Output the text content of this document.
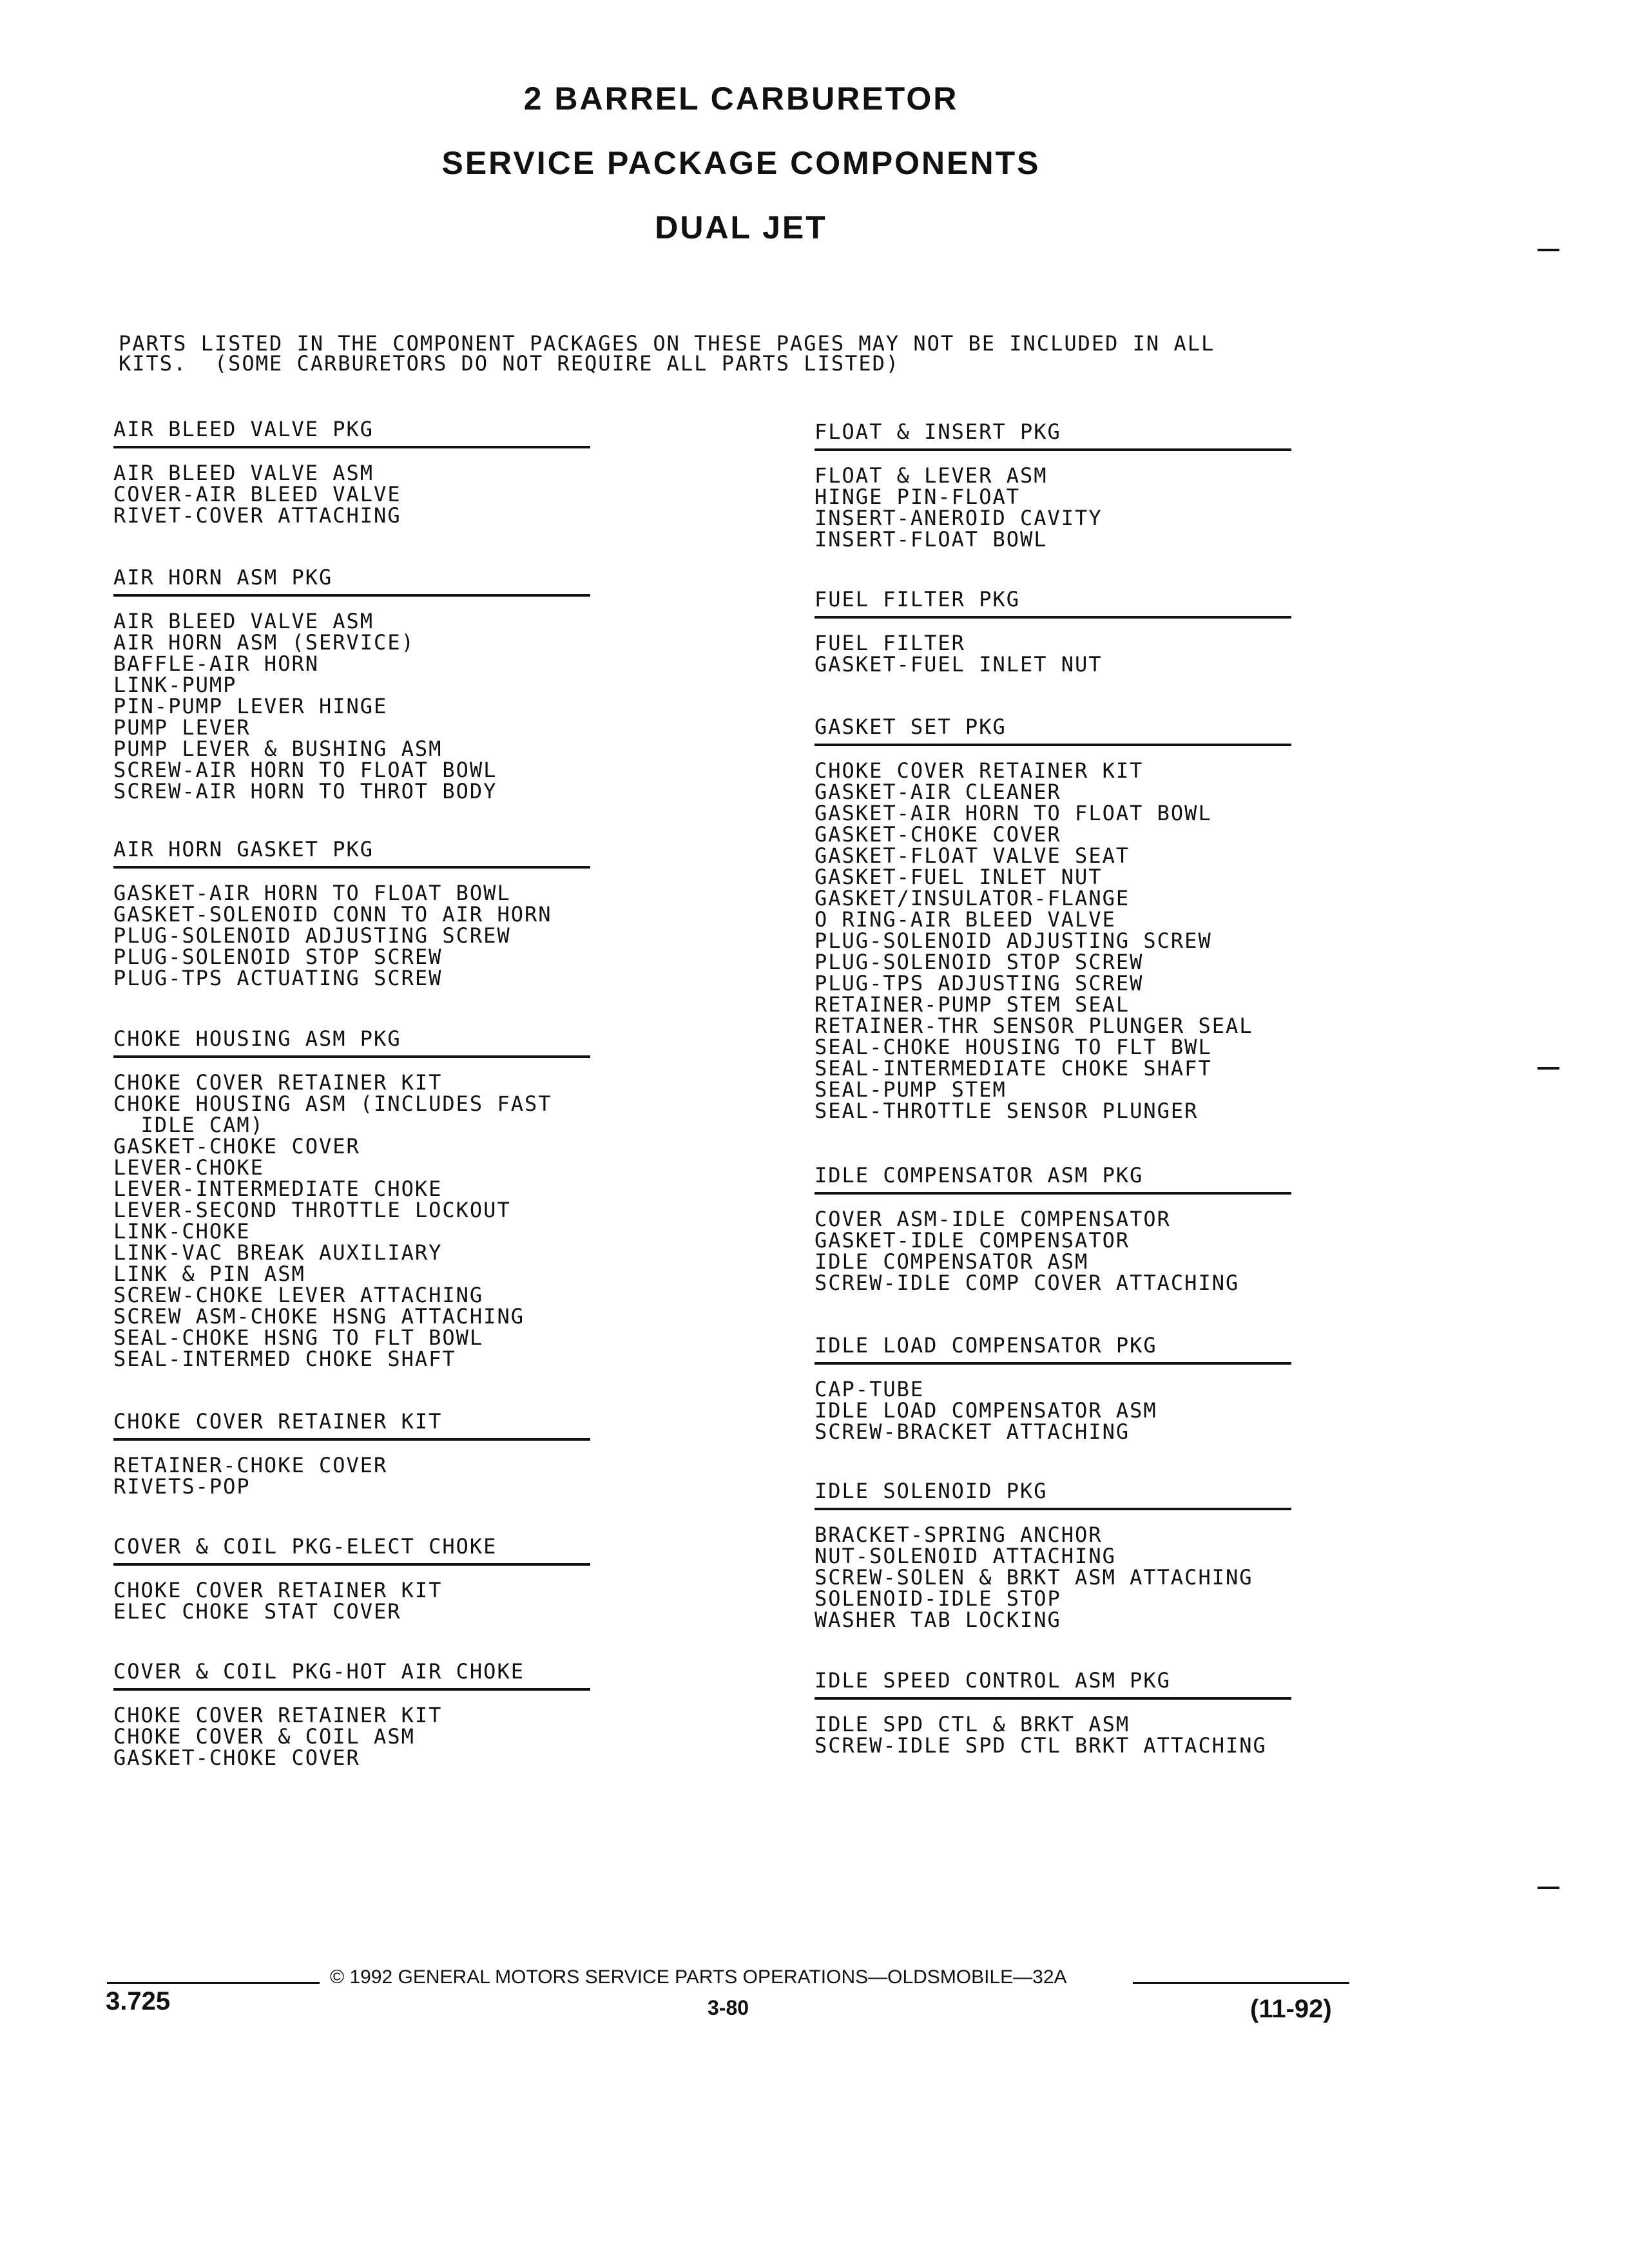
2 BARREL CARBURETOR
SERVICE PACKAGE COMPONENTS
DUAL JET
PARTS LISTED IN THE COMPONENT PACKAGES ON THESE PAGES MAY NOT BE INCLUDED IN ALL
KITS.  (SOME CARBURETORS DO NOT REQUIRE ALL PARTS LISTED)
AIR BLEED VALVE PKG
AIR BLEED VALVE ASM
COVER-AIR BLEED VALVE
RIVET-COVER ATTACHING
AIR HORN ASM PKG
AIR BLEED VALVE ASM
AIR HORN ASM (SERVICE)
BAFFLE-AIR HORN
LINK-PUMP
PIN-PUMP LEVER HINGE
PUMP LEVER
PUMP LEVER & BUSHING ASM
SCREW-AIR HORN TO FLOAT BOWL
SCREW-AIR HORN TO THROT BODY
AIR HORN GASKET PKG
GASKET-AIR HORN TO FLOAT BOWL
GASKET-SOLENOID CONN TO AIR HORN
PLUG-SOLENOID ADJUSTING SCREW
PLUG-SOLENOID STOP SCREW
PLUG-TPS ACTUATING SCREW
CHOKE HOUSING ASM PKG
CHOKE COVER RETAINER KIT
CHOKE HOUSING ASM (INCLUDES FAST
IDLE CAM)
GASKET-CHOKE COVER
LEVER-CHOKE
LEVER-INTERMEDIATE CHOKE
LEVER-SECOND THROTTLE LOCKOUT
LINK-CHOKE
LINK-VAC BREAK AUXILIARY
LINK & PIN ASM
SCREW-CHOKE LEVER ATTACHING
SCREW ASM-CHOKE HSNG ATTACHING
SEAL-CHOKE HSNG TO FLT BOWL
SEAL-INTERMED CHOKE SHAFT
CHOKE COVER RETAINER KIT
RETAINER-CHOKE COVER
RIVETS-POP
COVER & COIL PKG-ELECT CHOKE
CHOKE COVER RETAINER KIT
ELEC CHOKE STAT COVER
COVER & COIL PKG-HOT AIR CHOKE
CHOKE COVER RETAINER KIT
CHOKE COVER & COIL ASM
GASKET-CHOKE COVER
FLOAT & INSERT PKG
FLOAT & LEVER ASM
HINGE PIN-FLOAT
INSERT-ANEROID CAVITY
INSERT-FLOAT BOWL
FUEL FILTER PKG
FUEL FILTER
GASKET-FUEL INLET NUT
GASKET SET PKG
CHOKE COVER RETAINER KIT
GASKET-AIR CLEANER
GASKET-AIR HORN TO FLOAT BOWL
GASKET-CHOKE COVER
GASKET-FLOAT VALVE SEAT
GASKET-FUEL INLET NUT
GASKET/INSULATOR-FLANGE
O RING-AIR BLEED VALVE
PLUG-SOLENOID ADJUSTING SCREW
PLUG-SOLENOID STOP SCREW
PLUG-TPS ADJUSTING SCREW
RETAINER-PUMP STEM SEAL
RETAINER-THR SENSOR PLUNGER SEAL
SEAL-CHOKE HOUSING TO FLT BWL
SEAL-INTERMEDIATE CHOKE SHAFT
SEAL-PUMP STEM
SEAL-THROTTLE SENSOR PLUNGER
IDLE COMPENSATOR ASM PKG
COVER ASM-IDLE COMPENSATOR
GASKET-IDLE COMPENSATOR
IDLE COMPENSATOR ASM
SCREW-IDLE COMP COVER ATTACHING
IDLE LOAD COMPENSATOR PKG
CAP-TUBE
IDLE LOAD COMPENSATOR ASM
SCREW-BRACKET ATTACHING
IDLE SOLENOID PKG
BRACKET-SPRING ANCHOR
NUT-SOLENOID ATTACHING
SCREW-SOLEN & BRKT ASM ATTACHING
SOLENOID-IDLE STOP
WASHER TAB LOCKING
IDLE SPEED CONTROL ASM PKG
IDLE SPD CTL & BRKT ASM
SCREW-IDLE SPD CTL BRKT ATTACHING
© 1992 GENERAL MOTORS SERVICE PARTS OPERATIONS—OLDSMOBILE—32A
3.725	3-80	(11-92)
